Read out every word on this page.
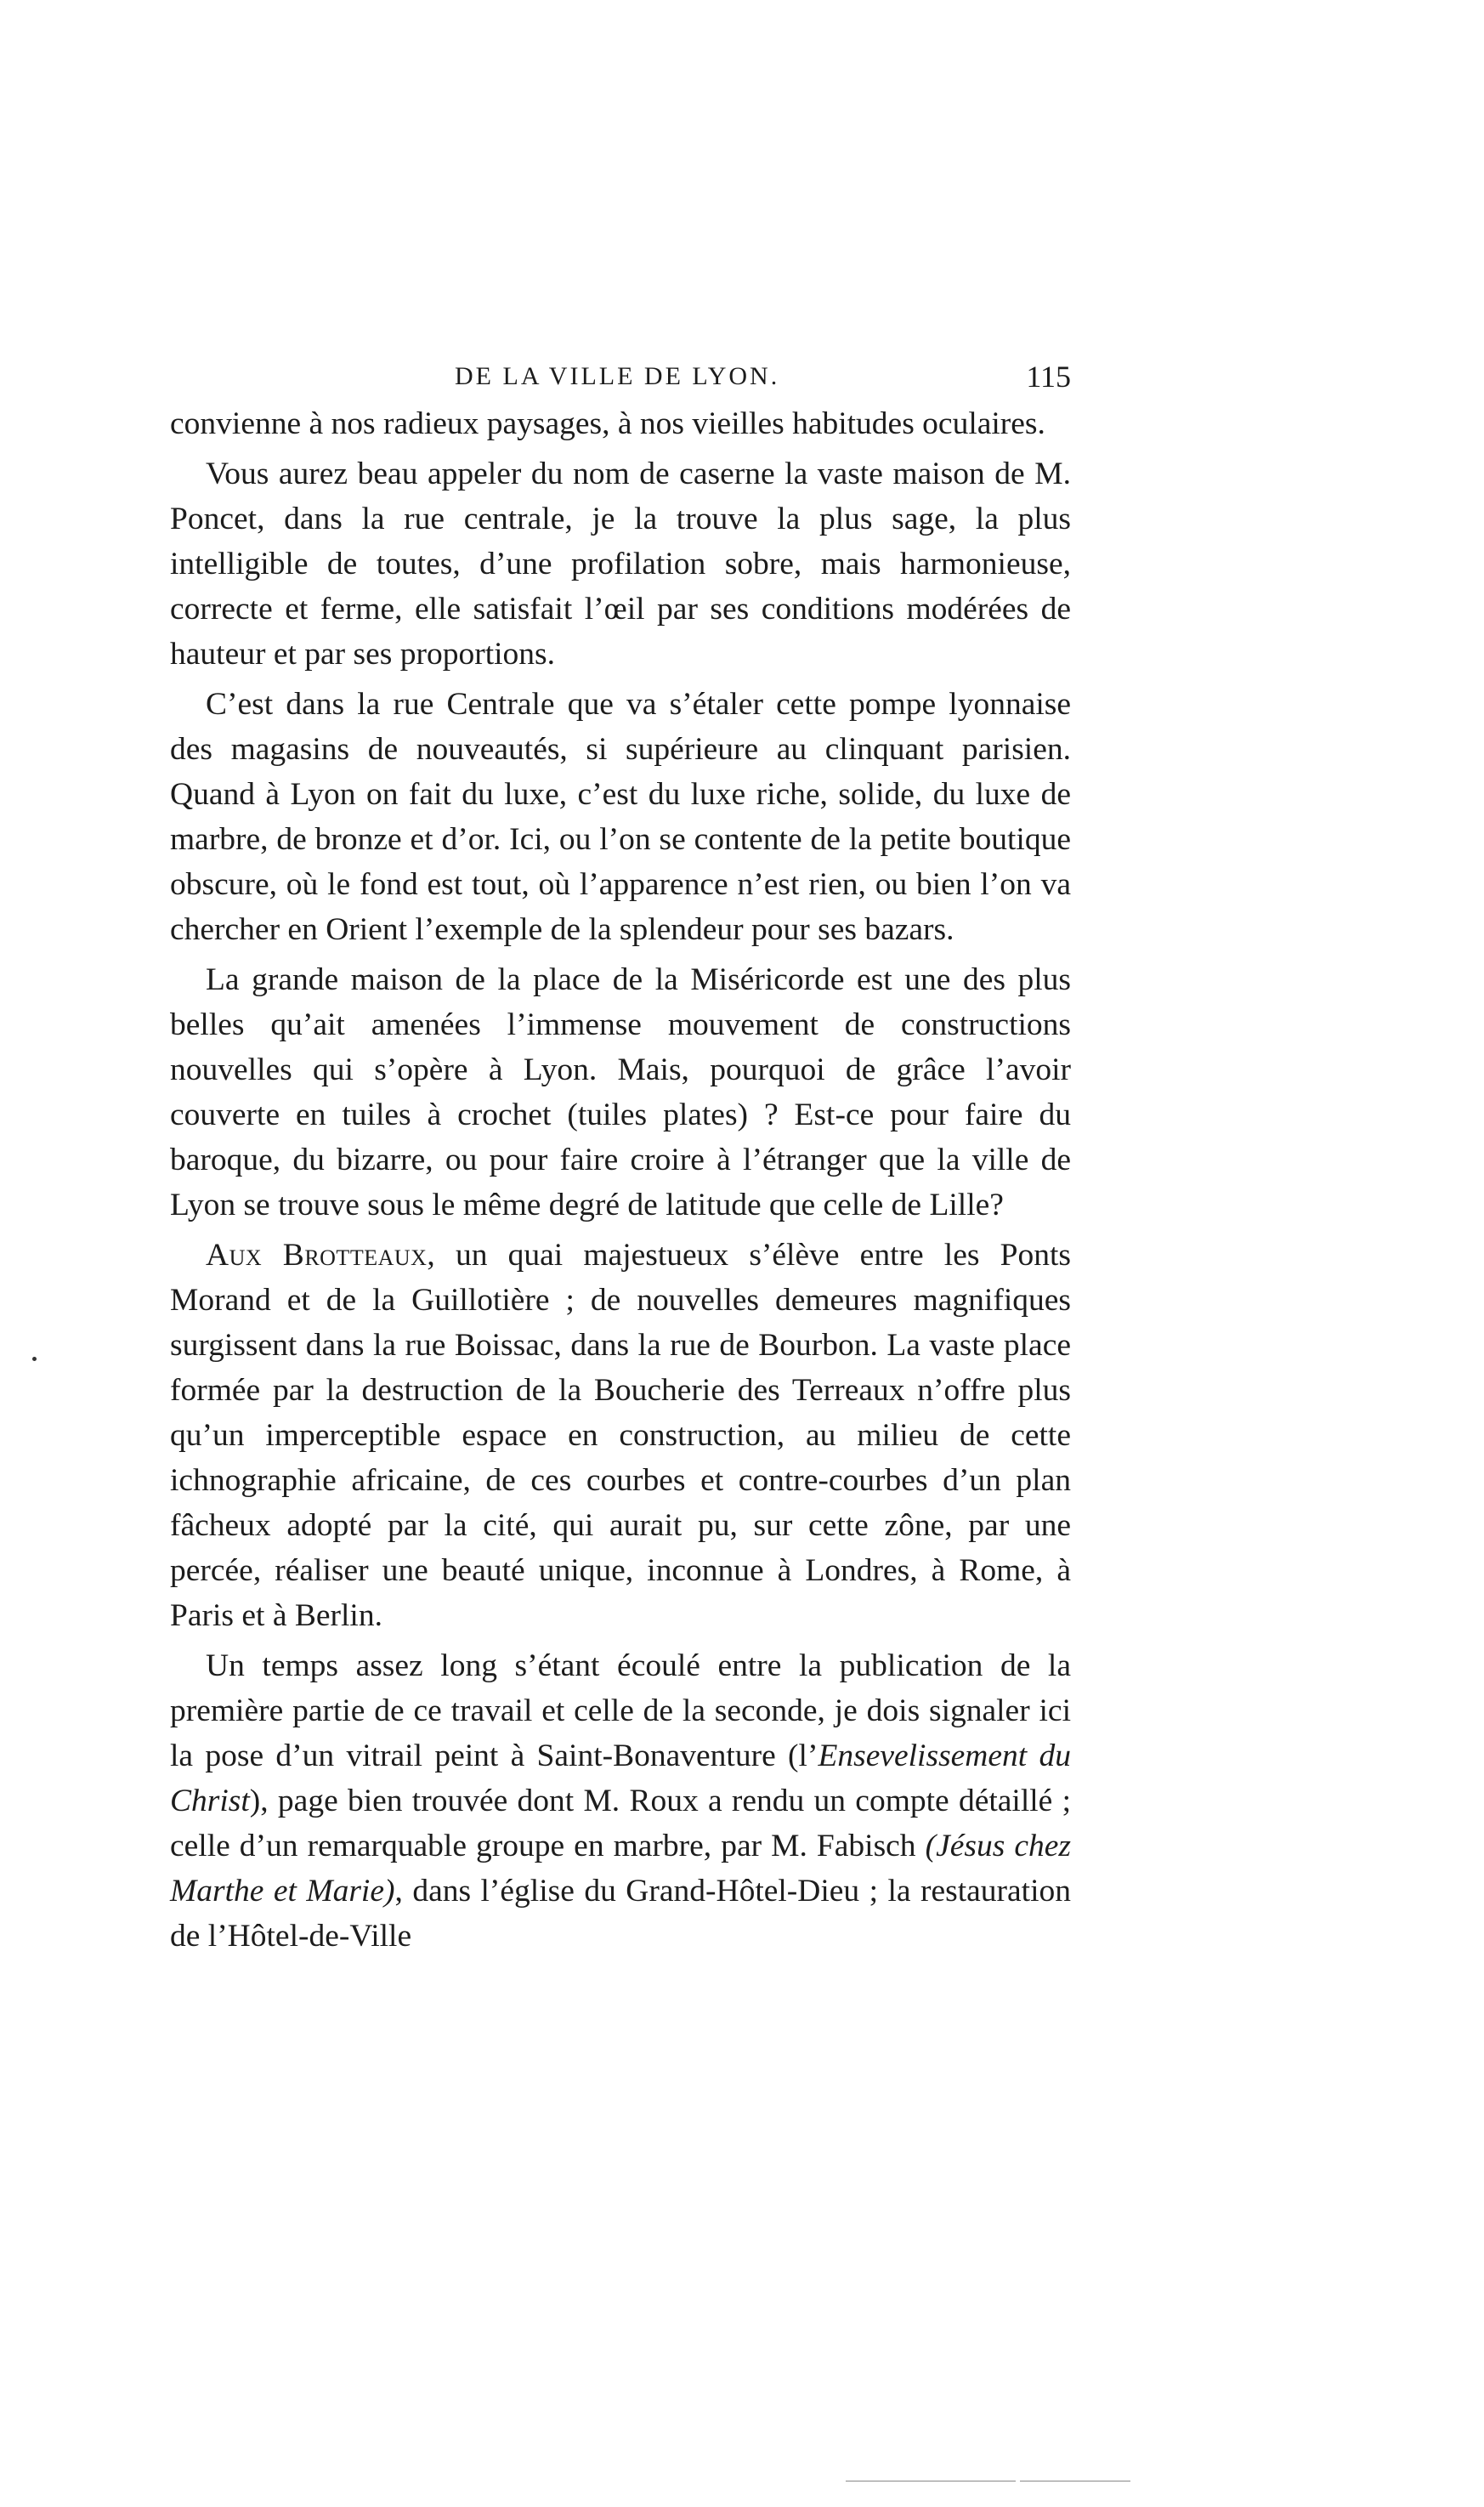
DE LA VILLE DE LYON.	115

convienne à nos radieux paysages, à nos vieilles habitudes oculaires.

Vous aurez beau appeler du nom de caserne la vaste maison de M. Poncet, dans la rue centrale, je la trouve la plus sage, la plus intelligible de toutes, d’une profilation sobre, mais harmonieuse, correcte et ferme, elle satisfait l’œil par ses conditions modérées de hauteur et par ses proportions.

C’est dans la rue Centrale que va s’étaler cette pompe lyonnaise des magasins de nouveautés, si supérieure au clinquant parisien. Quand à Lyon on fait du luxe, c’est du luxe riche, solide, du luxe de marbre, de bronze et d’or. Ici, ou l’on se contente de la petite boutique obscure, où le fond est tout, où l’apparence n’est rien, ou bien l’on va chercher en Orient l’exemple de la splendeur pour ses bazars.

La grande maison de la place de la Miséricorde est une des plus belles qu’ait amenées l’immense mouvement de constructions nouvelles qui s’opère à Lyon. Mais, pourquoi de grâce l’avoir couverte en tuiles à crochet (tuiles plates) ? Est-ce pour faire du baroque, du bizarre, ou pour faire croire à l’étranger que la ville de Lyon se trouve sous le même degré de latitude que celle de Lille?

Aux Brotteaux, un quai majestueux s’élève entre les Ponts Morand et de la Guillotière ; de nouvelles demeures magnifiques surgissent dans la rue Boissac, dans la rue de Bourbon. La vaste place formée par la destruction de la Boucherie des Terreaux n’offre plus qu’un imperceptible espace en construction, au milieu de cette ichnographie africaine, de ces courbes et contre-courbes d’un plan fâcheux adopté par la cité, qui aurait pu, sur cette zône, par une percée, réaliser une beauté unique, inconnue à Londres, à Rome, à Paris et à Berlin.

Un temps assez long s’étant écoulé entre la publication de la première partie de ce travail et celle de la seconde, je dois signaler ici la pose d’un vitrail peint à Saint-Bonaventure (l’Ensevelissement du Christ), page bien trouvée dont M. Roux a rendu un compte détaillé ; celle d’un remarquable groupe en marbre, par M. Fabisch (Jésus chez Marthe et Marie), dans l’église du Grand-Hôtel-Dieu ; la restauration de l’Hôtel-de-Ville
